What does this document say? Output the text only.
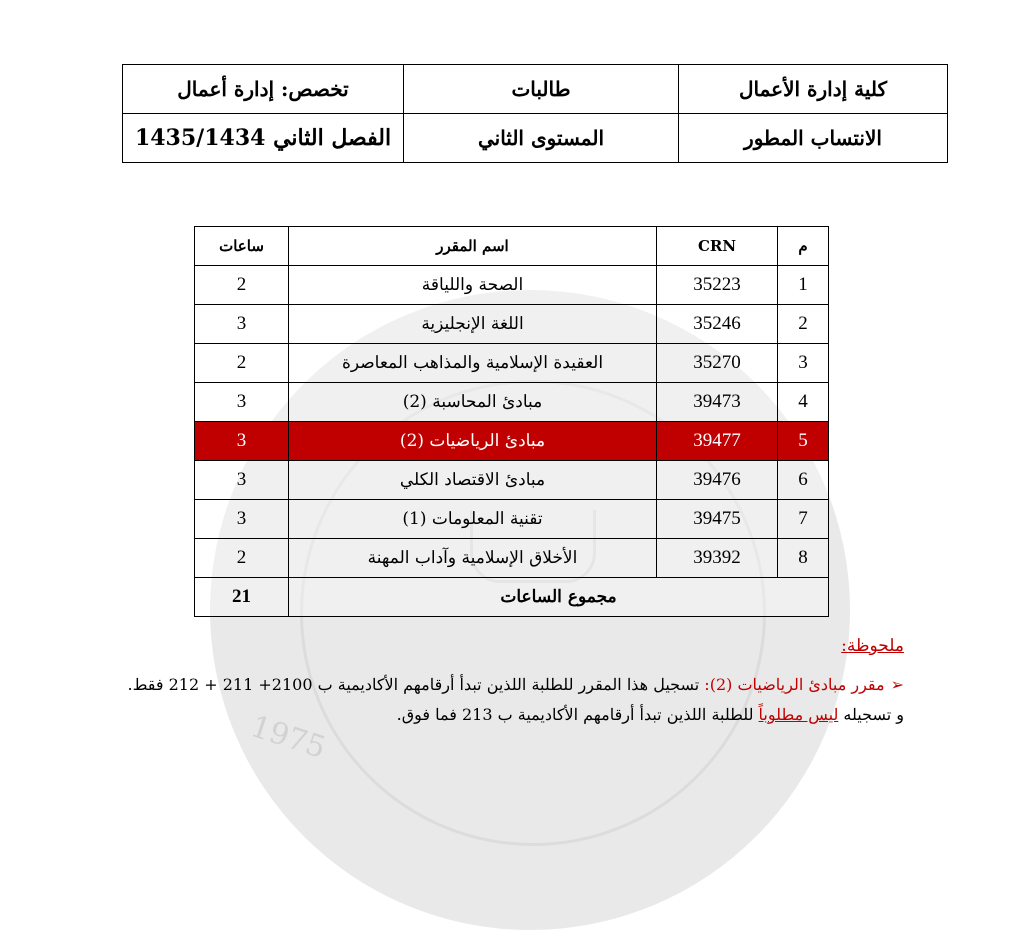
1975
كلية إدارة الأعمال	طالبات	تخصص: إدارة أعمال
الانتساب المطور	المستوى الثاني	الفصل الثاني 1435/1434
م	CRN	اسم المقرر	ساعات
1	35223	الصحة واللياقة	2
2	35246	اللغة الإنجليزية	3
3	35270	العقيدة الإسلامية والمذاهب المعاصرة	2
4	39473	مبادئ المحاسبة (2)	3
5	39477	مبادئ الرياضيات (2)	3
6	39476	مبادئ الاقتصاد الكلي	3
7	39475	تقنية المعلومات (1)	3
8	39392	الأخلاق الإسلامية وآداب المهنة	2
مجموع الساعات			21
ملحوظة:
➢مقرر مبادئ الرياضيات (2): تسجيل هذا المقرر للطلبة اللذين تبدأ أرقامهم الأكاديمية ب 2100+ 211 + 212 فقط.
و تسجيله ليس مطلوباً للطلبة اللذين تبدأ أرقامهم الأكاديمية ب 213 فما فوق.
